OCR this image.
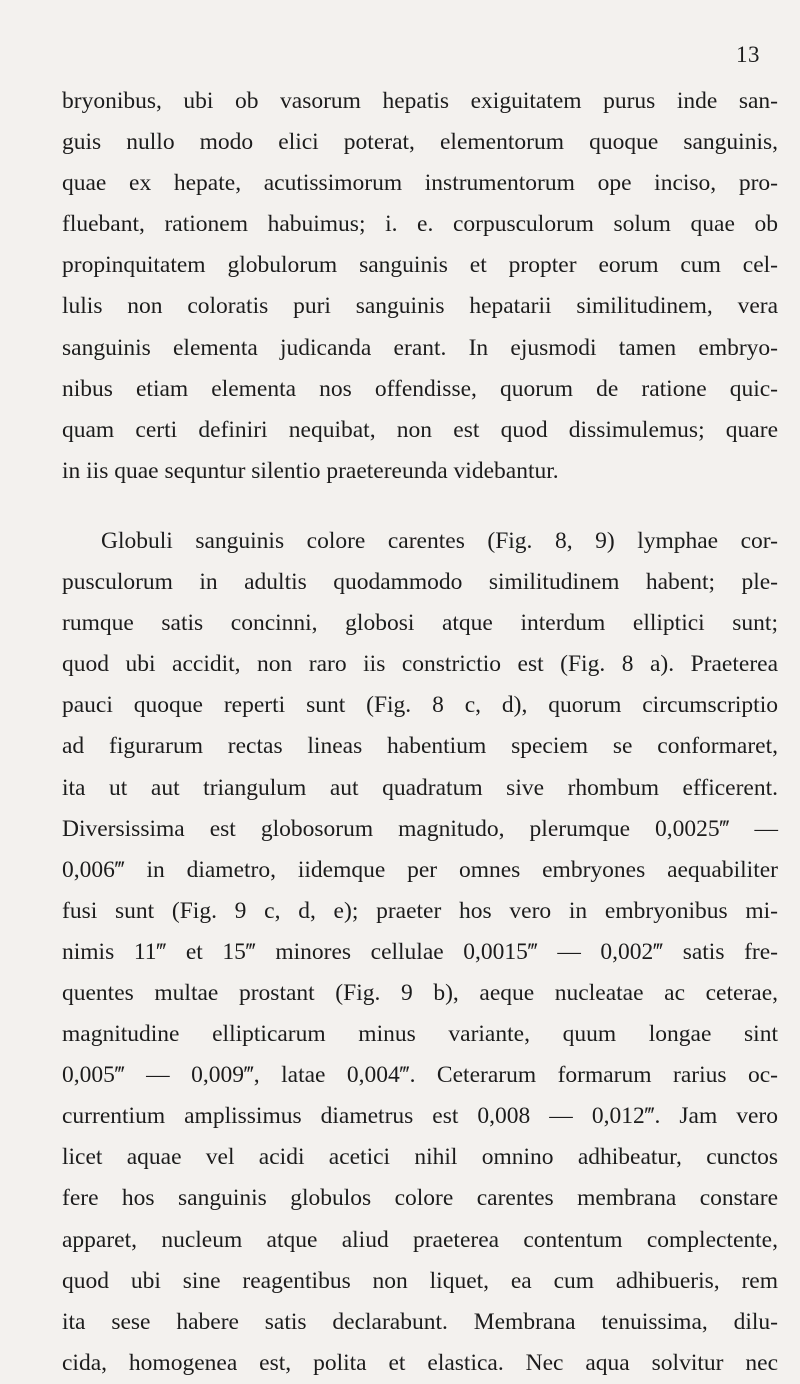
13
bryonibus, ubi ob vasorum hepatis exiguitatem purus inde san-
guis nullo modo elici poterat, elementorum quoque sanguinis,
quae ex hepate, acutissimorum instrumentorum ope inciso, pro-
fluebant, rationem habuimus; i. e. corpusculorum solum quae ob
propinquitatem globulorum sanguinis et propter eorum cum cel-
lulis non coloratis puri sanguinis hepatarii similitudinem, vera
sanguinis elementa judicanda erant. In ejusmodi tamen embryo-
nibus etiam elementa nos offendisse, quorum de ratione quic-
quam certi definiri nequibat, non est quod dissimulemus; quare
in iis quae sequntur silentio praetereunda videbantur.
Globuli sanguinis colore carentes (Fig. 8, 9) lymphae cor-
pusculorum in adultis quodammodo similitudinem habent; ple-
rumque satis concinni, globosi atque interdum elliptici sunt;
quod ubi accidit, non raro iis constrictio est (Fig. 8 a). Praeterea
pauci quoque reperti sunt (Fig. 8 c, d), quorum circumscriptio
ad figurarum rectas lineas habentium speciem se conformaret,
ita ut aut triangulum aut quadratum sive rhombum efficerent.
Diversissima est globosorum magnitudo, plerumque 0,0025‴ —
0,006‴ in diametro, iidemque per omnes embryones aequabiliter
fusi sunt (Fig. 9 c, d, e); praeter hos vero in embryonibus mi-
nimis 11‴ et 15‴ minores cellulae 0,0015‴ — 0,002‴ satis fre-
quentes multae prostant (Fig. 9 b), aeque nucleatae ac ceterae,
magnitudine ellipticarum minus variante, quum longae sint
0,005‴ — 0,009‴, latae 0,004‴. Ceterarum formarum rarius oc-
currentium amplissimus diametrus est 0,008 — 0,012‴. Jam vero
licet aquae vel acidi acetici nihil omnino adhibeatur, cunctos
fere hos sanguinis globulos colore carentes membrana constare
apparet, nucleum atque aliud praeterea contentum complectente,
quod ubi sine reagentibus non liquet, ea cum adhibueris, rem
ita sese habere satis declarabunt. Membrana tenuissima, dilu-
cida, homogenea est, polita et elastica. Nec aqua solvitur nec
